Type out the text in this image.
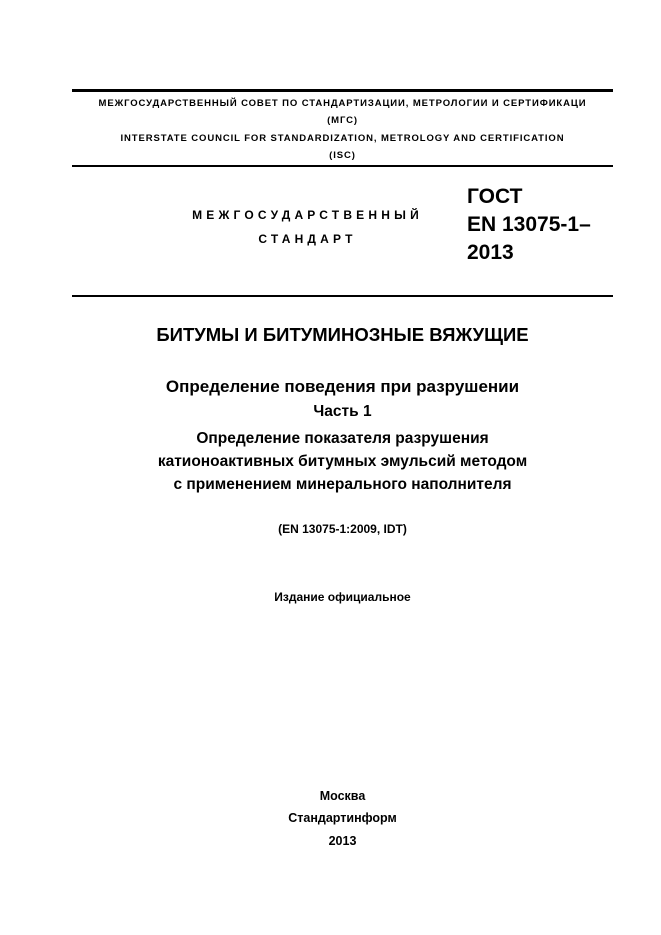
МЕЖГОСУДАРСТВЕННЫЙ СОВЕТ ПО СТАНДАРТИЗАЦИИ, МЕТРОЛОГИИ И СЕРТИФИКАЦИ
(МГС)
INTERSTATE COUNCIL FOR STANDARDIZATION, METROLOGY AND CERTIFICATION
(ISC)
МЕЖГОСУДАРСТВЕННЫЙ
СТАНДАРТ
ГОСТ
EN 13075-1–
2013
БИТУМЫ И БИТУМИНОЗНЫЕ ВЯЖУЩИЕ
Определение поведения при разрушении
Часть 1
Определение показателя разрушения
катионоактивных битумных эмульсий методом
с применением минерального наполнителя
(EN 13075-1:2009, IDT)
Издание официальное
Москва
Стандартинформ
2013
